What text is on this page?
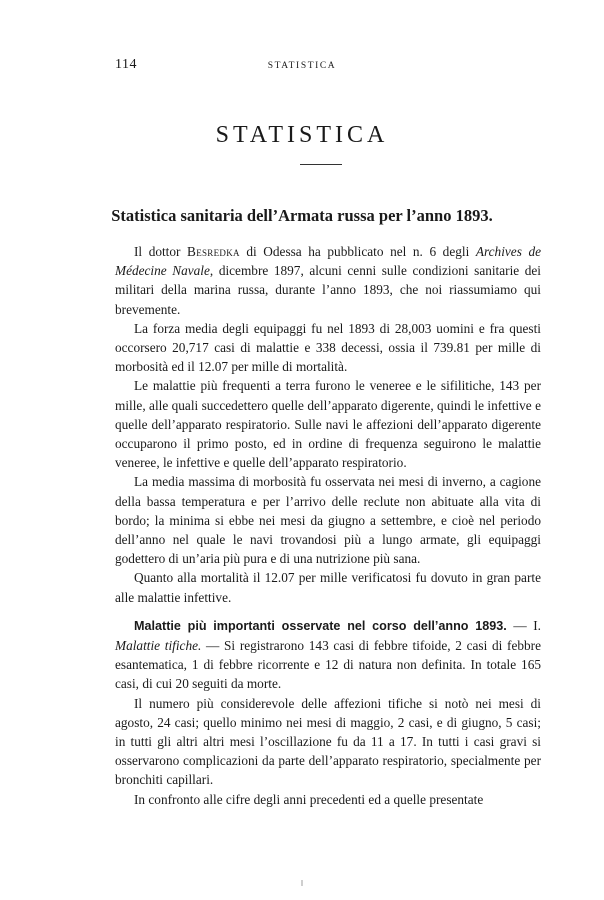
114	STATISTICA
STATISTICA
Statistica sanitaria dell’Armata russa per l’anno 1893.

Il dottor Besredka di Odessa ha pubblicato nel n. 6 degli Archives de Médecine Navale, dicembre 1897, alcuni cenni sulle condizioni sanitarie dei militari della marina russa, durante l’anno 1893, che noi riassumiamo qui brevemente.

La forza media degli equipaggi fu nel 1893 di 28,003 uomini e fra questi occorsero 20,717 casi di malattie e 338 decessi, ossia il 739.81 per mille di morbosità ed il 12.07 per mille di mortalità.

Le malattie più frequenti a terra furono le veneree e le sifilitiche, 143 per mille, alle quali succedettero quelle dell’apparato digerente, quindi le infettive e quelle dell’apparato respiratorio. Sulle navi le affezioni dell’apparato digerente occuparono il primo posto, ed in ordine di frequenza seguirono le malattie veneree, le infettive e quelle dell’apparato respiratorio.

La media massima di morbosità fu osservata nei mesi di inverno, a cagione della bassa temperatura e per l’arrivo delle reclute non abituate alla vita di bordo; la minima si ebbe nei mesi da giugno a settembre, e cioè nel periodo dell’anno nel quale le navi trovandosi più a lungo armate, gli equipaggi godettero di un’aria più pura e di una nutrizione più sana.

Quanto alla mortalità il 12.07 per mille verificatosi fu dovuto in gran parte alle malattie infettive.

Malattie più importanti osservate nel corso dell’anno 1893. — I. Malattie tifiche. — Si registrarono 143 casi di febbre tifoide, 2 casi di febbre esantematica, 1 di febbre ricorrente e 12 di natura non definita. In totale 165 casi, di cui 20 seguiti da morte.

Il numero più considerevole delle affezioni tifiche si notò nei mesi di agosto, 24 casi; quello minimo nei mesi di maggio, 2 casi, e di giugno, 5 casi; in tutti gli altri altri mesi l’oscillazione fu da 11 a 17. In tutti i casi gravi si osservarono complicazioni da parte dell’apparato respiratorio, specialmente per bronchiti capillari.

In confronto alle cifre degli anni precedenti ed a quelle presentate
